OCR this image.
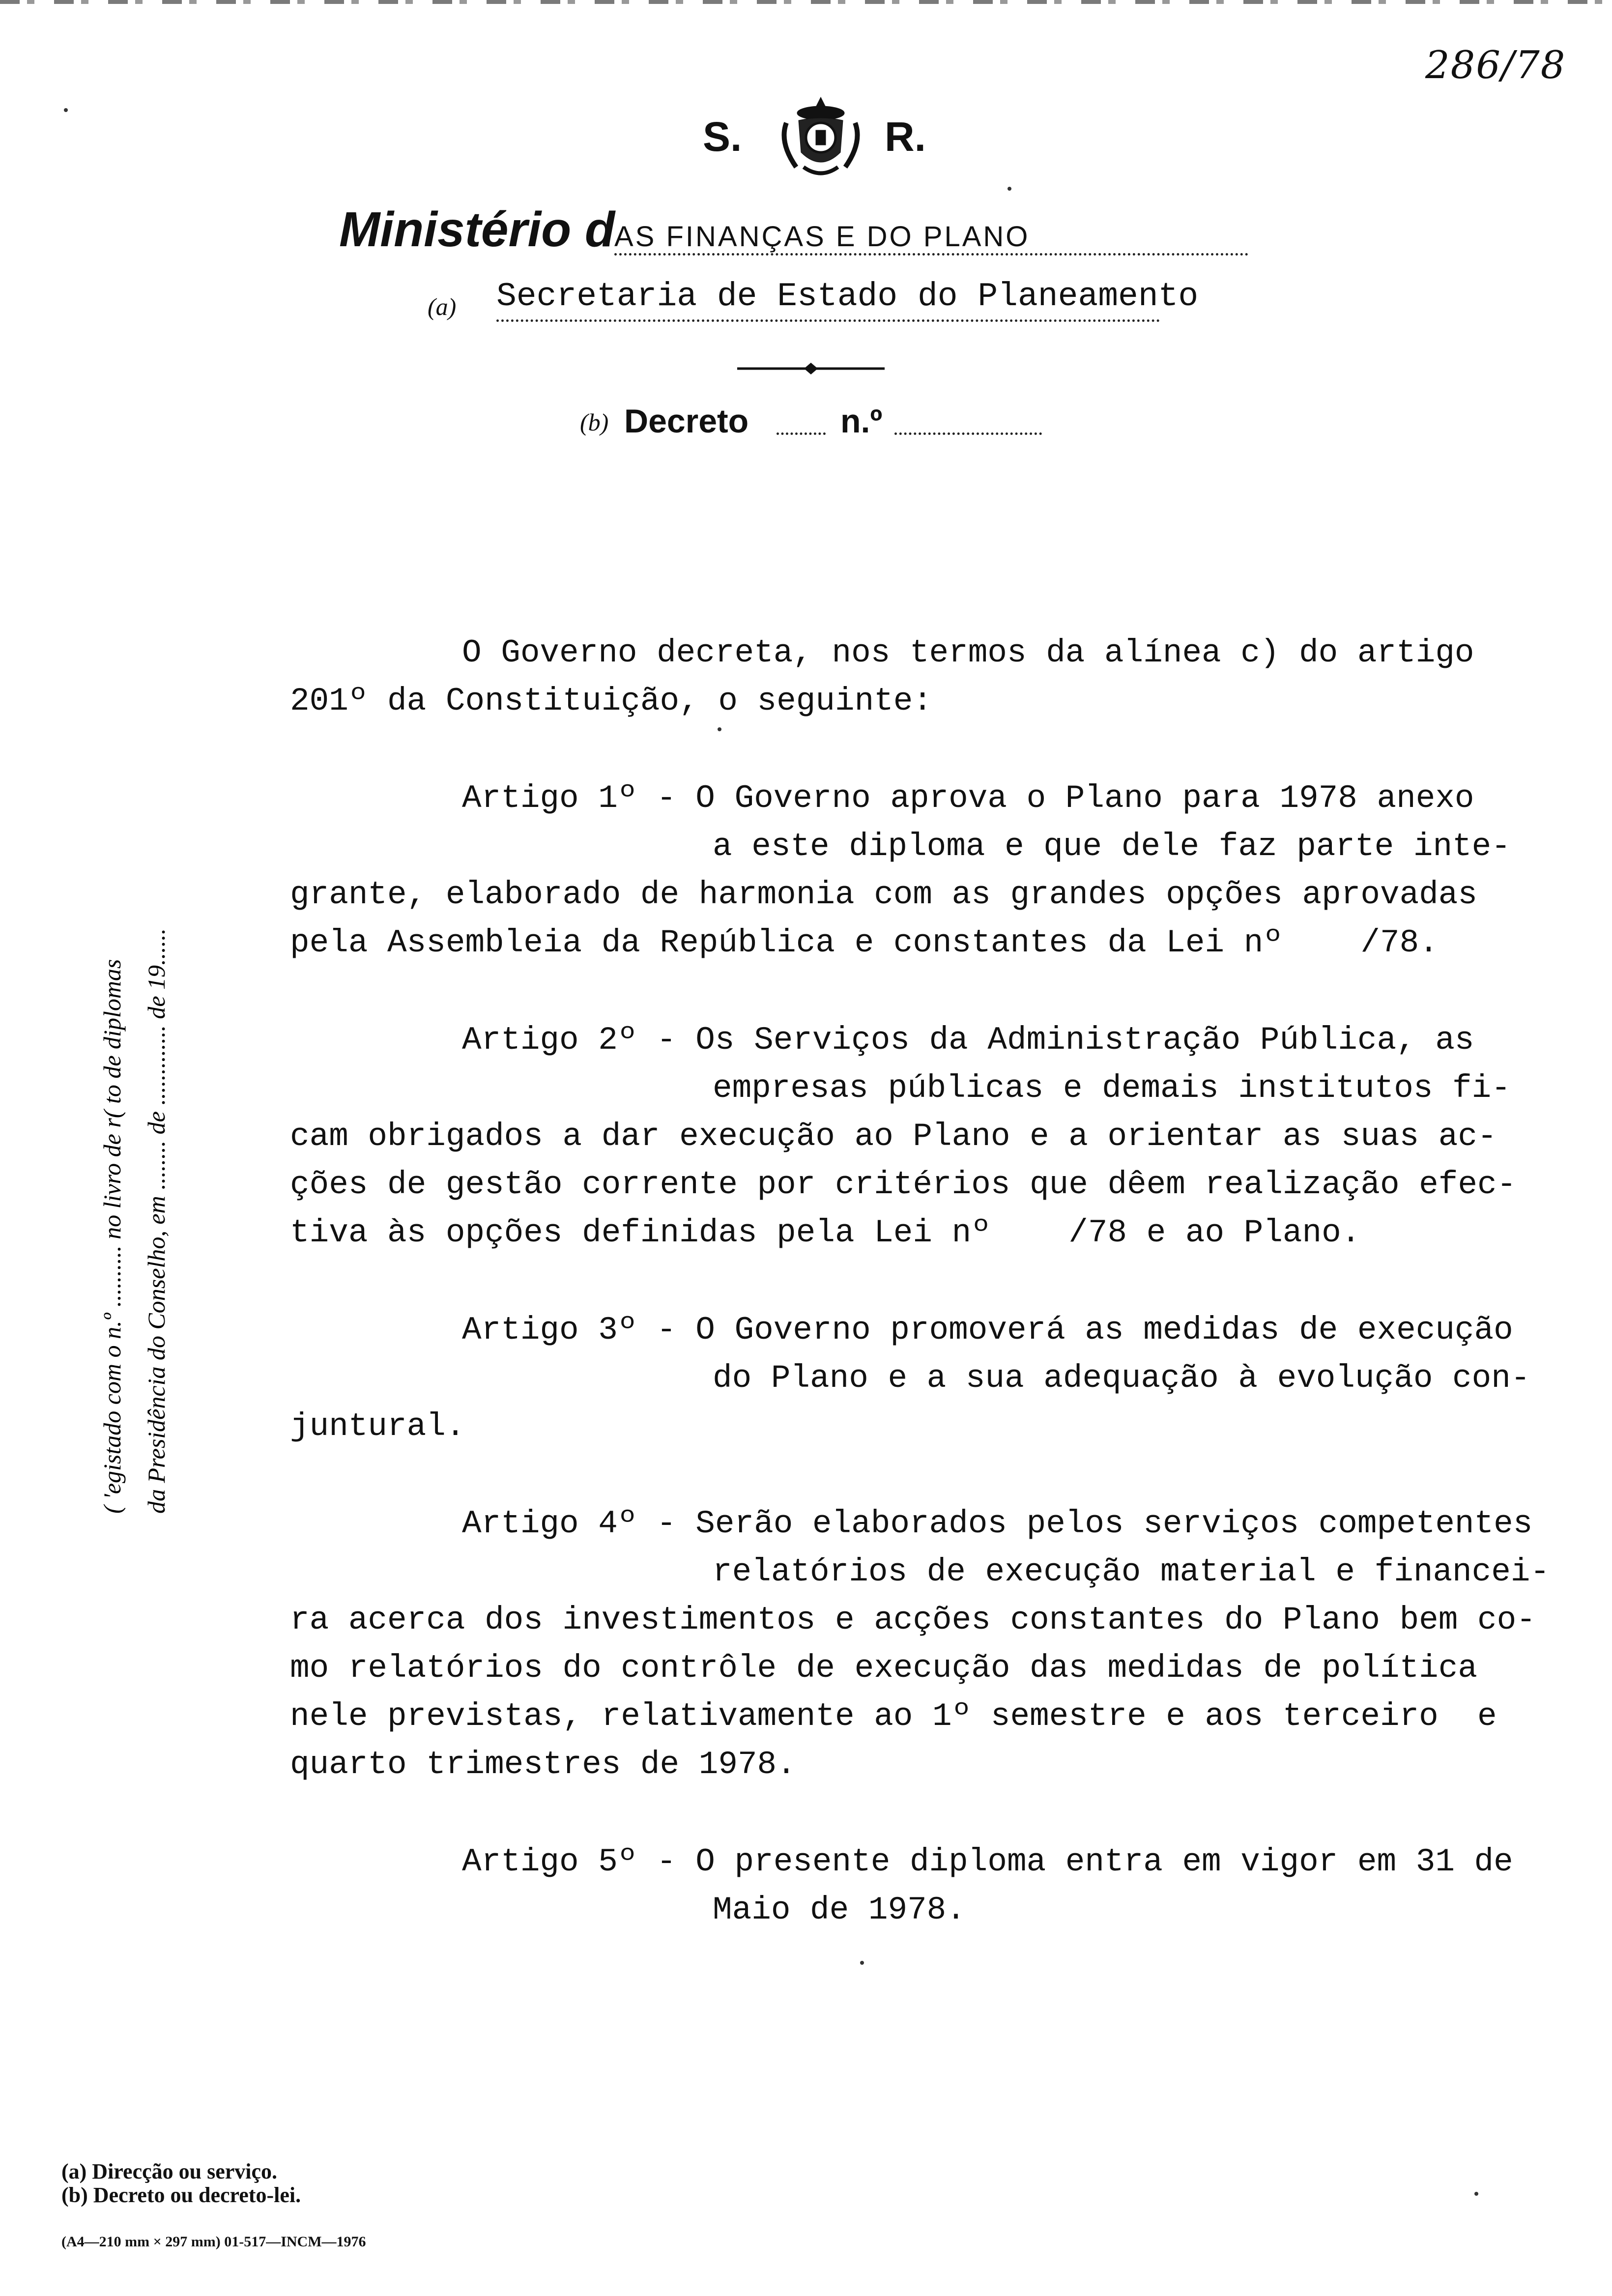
286/78
S.	R.
Ministério d
AS FINANÇAS E DO PLANO
(a) Secretaria de Estado do Planeamento
(b) Decreto	n.º
( 'egistado com o n.º .......... no livro de r( to de diplomas da Presidência do Conselho, em ........ de ............. de 19......

O Governo decreta, nos termos da alínea c) do artigo

201º da Constituição, o seguinte:

Artigo 1º - O Governo aprova o Plano para 1978 anexo

a este diploma e que dele faz parte inte-

grante, elaborado de harmonia com as grandes opções aprovadas

pela Assembleia da República e constantes da Lei nº    /78.

Artigo 2º - Os Serviços da Administração Pública, as

empresas públicas e demais institutos fi-

cam obrigados a dar execução ao Plano e a orientar as suas ac-

ções de gestão corrente por critérios que dêem realização efec-

tiva às opções definidas pela Lei nº    /78 e ao Plano.

Artigo 3º - O Governo promoverá as medidas de execução

do Plano e a sua adequação à evolução con-

juntural.

Artigo 4º - Serão elaborados pelos serviços competentes

relatórios de execução material e financei-

ra acerca dos investimentos e acções constantes do Plano bem co-

mo relatórios do contrôle de execução das medidas de política

nele previstas, relativamente ao 1º semestre e aos terceiro  e

quarto trimestres de 1978.

Artigo 5º - O presente diploma entra em vigor em 31 de

Maio de 1978.

(a) Direcção ou serviço.
(b) Decreto ou decreto-lei.
(A4—210 mm × 297 mm) 01-517—INCM—1976
